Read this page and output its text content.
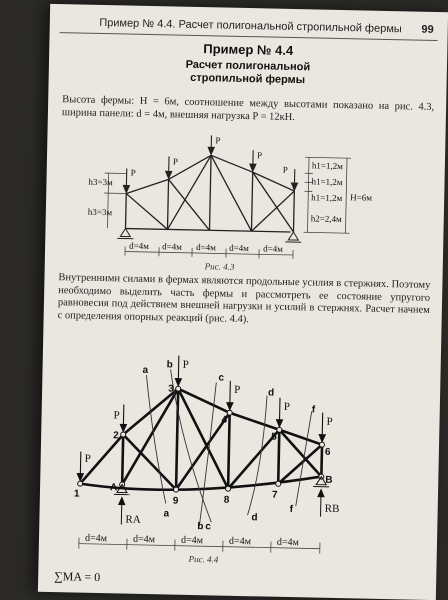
Пример № 4.4. Расчет полигональной стропильной фермы 99
Пример № 4.4
Расчет полигональной
стропильной фермы
Высота фермы: H = 6м, соотношение между высотами показано на рис. 4.3, ширина панели: d = 4м, внешняя нагрузка P = 12кН.
P
P
P
P
P
h3=3м
h3=3м
h1=1,2м
h1=1,2м
h1=1,2м
h2=2,4м
H=6м
d=4м d=4м d=4м d=4м d=4м
Рис. 4.3
Внутренними силами в фермах являются продольные усилия в стержнях. Поэтому необходимо выделить часть фермы и рассмотреть ее состояние упругого равновесия под действием внешней нагрузки и усилий в стержнях. Расчет начнем с определения опорных реакций (рис. 4.4).
a b
c
d
f
a
b c
d
f
1
2
3
4
5
6
7
8
9
A
B
P
P
P
P
P
P
RA
RB
d=4м	d=4м	d=4м	d=4м	d=4м
Рис. 4.4
∑MA = 0
